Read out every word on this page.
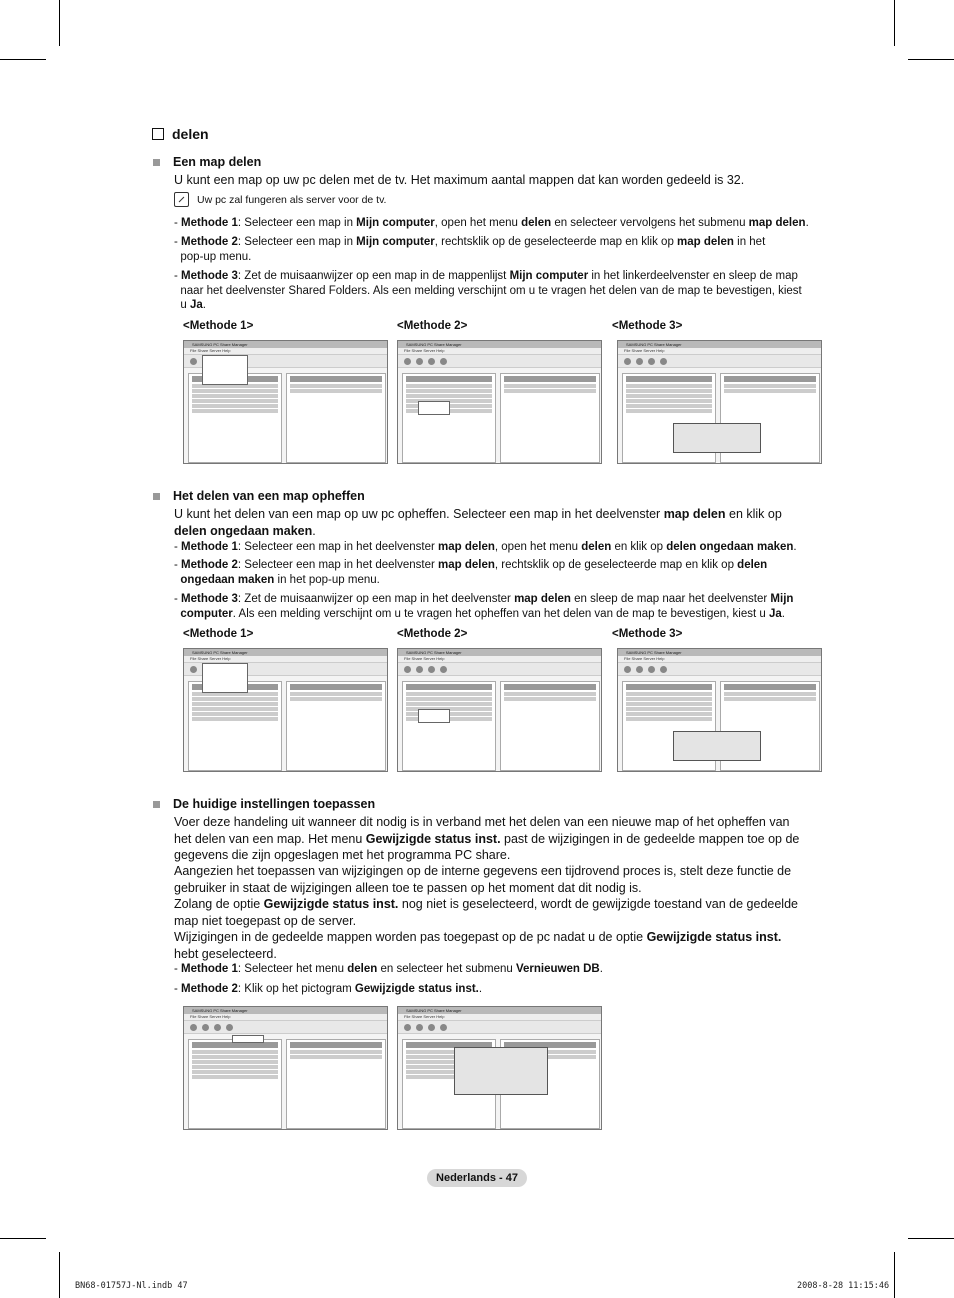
delen
Een map delen
U kunt een map op uw pc delen met de tv. Het maximum aantal mappen dat kan worden gedeeld is 32.
Uw pc zal fungeren als server voor de tv.
- Methode 1: Selecteer een map in Mijn computer, open het menu delen en selecteer vervolgens het submenu map delen.
- Methode 2: Selecteer een map in Mijn computer, rechtsklik op de geselecteerde map en klik op map delen in het
pop-up menu.
- Methode 3: Zet de muisaanwijzer op een map in de mappenlijst Mijn computer in het linkerdeelvenster en sleep de map
naar het deelvenster Shared Folders. Als een melding verschijnt om u te vragen het delen van de map te bevestigen, kiest
u Ja.
<Methode 1>	<Methode 2>	<Methode 3>
Het delen van een map opheffen
U kunt het delen van een map op uw pc opheffen. Selecteer een map in het deelvenster map delen en klik op
delen ongedaan maken.
- Methode 1: Selecteer een map in het deelvenster map delen, open het menu delen en klik op delen ongedaan maken.
- Methode 2: Selecteer een map in het deelvenster map delen, rechtsklik op de geselecteerde map en klik op delen
ongedaan maken in het pop-up menu.
- Methode 3: Zet de muisaanwijzer op een map in het deelvenster map delen en sleep de map naar het deelvenster Mijn
computer. Als een melding verschijnt om u te vragen het opheffen van het delen van de map te bevestigen, kiest u Ja.
<Methode 1>	<Methode 2>	<Methode 3>
De huidige instellingen toepassen
Voer deze handeling uit wanneer dit nodig is in verband met het delen van een nieuwe map of het opheffen van
het delen van een map. Het menu Gewijzigde status inst. past de wijzigingen in de gedeelde mappen toe op de
gegevens die zijn opgeslagen met het programma PC share.
Aangezien het toepassen van wijzigingen op de interne gegevens een tijdrovend proces is, stelt deze functie de
gebruiker in staat de wijzigingen alleen toe te passen op het moment dat dit nodig is.
Zolang de optie Gewijzigde status inst. nog niet is geselecteerd, wordt de gewijzigde toestand van de gedeelde
map niet toegepast op de server.
Wijzigingen in de gedeelde mappen worden pas toegepast op de pc nadat u de optie Gewijzigde status inst.
hebt geselecteerd.
- Methode 1: Selecteer het menu delen en selecteer het submenu Vernieuwen DB.
- Methode 2: Klik op het pictogram Gewijzigde status inst..
SAMSUNG PC Share Manager
File Share Server Help
SAMSUNG PC Share Manager
File Share Server Help
SAMSUNG PC Share Manager
File Share Server Help
SAMSUNG PC Share Manager
File Share Server Help
SAMSUNG PC Share Manager
File Share Server Help
SAMSUNG PC Share Manager
File Share Server Help
SAMSUNG PC Share Manager
File Share Server Help
SAMSUNG PC Share Manager
File Share Server Help
Nederlands - 47
BN68-01757J-Nl.indb 47	2008-8-28 11:15:46
